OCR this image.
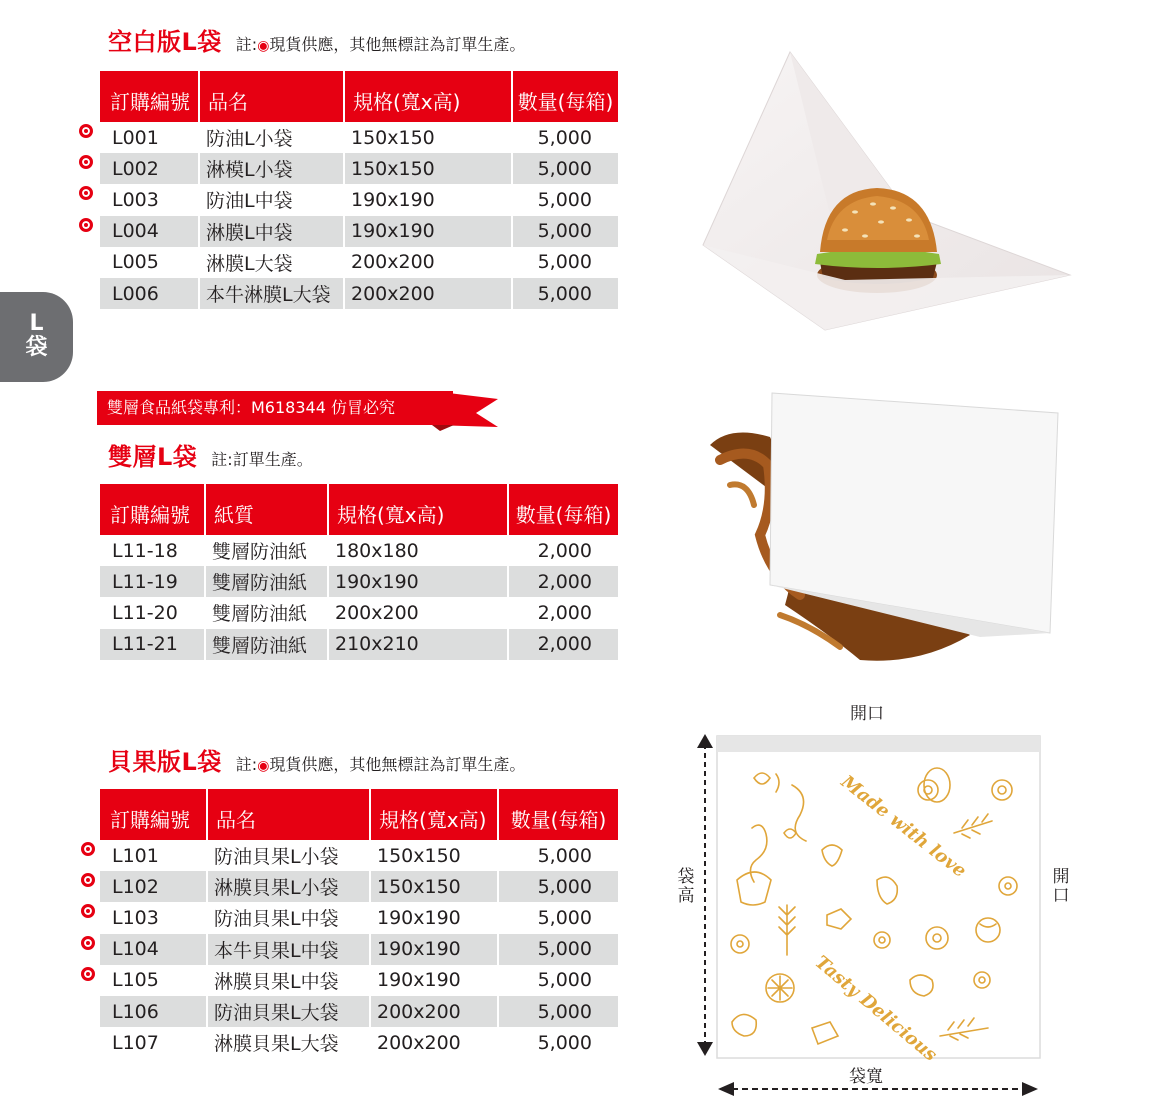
L
袋
空白版L袋 註:◉現貨供應，其他無標註為訂單生產。
訂購編號	品名	規格(寬x高)	數量(每箱)
L001	防油L小袋	150x150	5,000
L002	淋模L小袋	150x150	5,000
L003	防油L中袋	190x190	5,000
L004	淋膜L中袋	190x190	5,000
L005	淋膜L大袋	200x200	5,000
L006	本牛淋膜L大袋	200x200	5,000
雙層食品紙袋專利：M618344 仿冒必究
雙層L袋 註:訂單生產。
訂購編號	紙質	規格(寬x高)	數量(每箱)
L11-18	雙層防油紙	180x180	2,000
L11-19	雙層防油紙	190x190	2,000
L11-20	雙層防油紙	200x200	2,000
L11-21	雙層防油紙	210x210	2,000
貝果版L袋 註:◉現貨供應，其他無標註為訂單生產。
訂購編號	品名	規格(寬x高)	數量(每箱)
L101	防油貝果L小袋	150x150	5,000
L102	淋膜貝果L小袋	150x150	5,000
L103	防油貝果L中袋	190x190	5,000
L104	本牛貝果L中袋	190x190	5,000
L105	淋膜貝果L中袋	190x190	5,000
L106	防油貝果L大袋	200x200	5,000
L107	淋膜貝果L大袋	200x200	5,000
開口
開口
袋高
袋寬
Made with love
Tasty Delicious
